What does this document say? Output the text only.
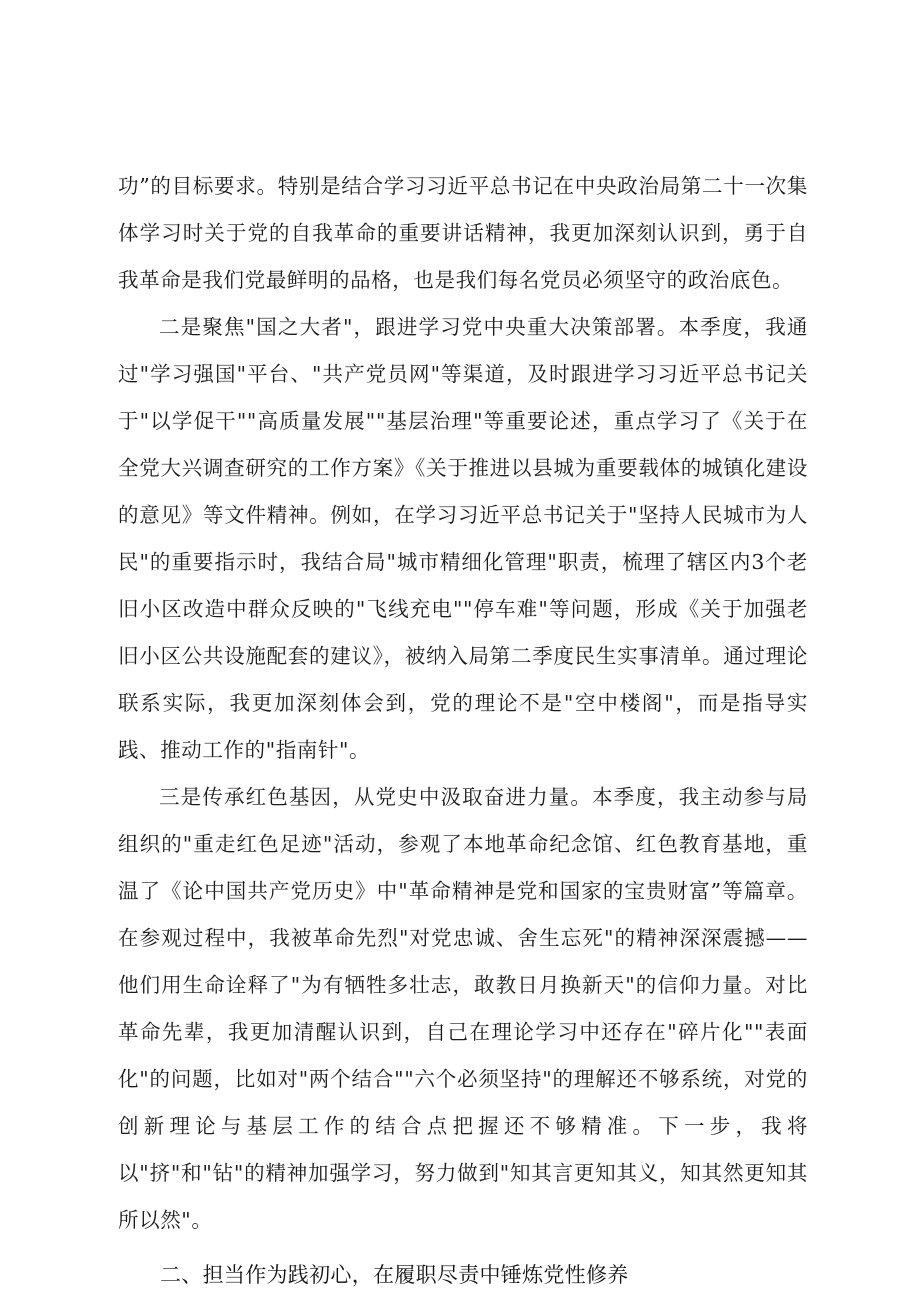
功”的目标要求。特别是结合学习习近平总书记在中央政治局第二十一次集体学习时关于党的自我革命的重要讲话精神，我更加深刻认识到，勇于自我革命是我们党最鲜明的品格，也是我们每名党员必须坚守的政治底色。

二是聚焦"国之大者"，跟进学习党中央重大决策部署。本季度，我通过"学习强国"平台、"共产党员网"等渠道，及时跟进学习习近平总书记关于"以学促干""高质量发展""基层治理"等重要论述，重点学习了《关于在全党大兴调查研究的工作方案》《关于推进以县城为重要载体的城镇化建设的意见》等文件精神。例如，在学习习近平总书记关于"坚持人民城市为人民"的重要指示时，我结合局"城市精细化管理"职责，梳理了辖区内3个老旧小区改造中群众反映的"飞线充电""停车难"等问题，形成《关于加强老旧小区公共设施配套的建议》，被纳入局第二季度民生实事清单。通过理论联系实际，我更加深刻体会到，党的理论不是"空中楼阁"，而是指导实践、推动工作的"指南针"。

三是传承红色基因，从党史中汲取奋进力量。本季度，我主动参与局组织的"重走红色足迹"活动，参观了本地革命纪念馆、红色教育基地，重温了《论中国共产党历史》中"革命精神是党和国家的宝贵财富”等篇章。在参观过程中，我被革命先烈"对党忠诚、舍生忘死"的精神深深震撼——他们用生命诠释了"为有牺牲多壮志，敢教日月换新天"的信仰力量。对比革命先辈，我更加清醒认识到，自己在理论学习中还存在"碎片化""表面化"的问题，比如对"两个结合""六个必须坚持"的理解还不够系统，对党的创新理论与基层工作的结合点把握还不够精准。下一步，我将以"挤"和"钻"的精神加强学习，努力做到"知其言更知其义，知其然更知其所以然"。

二、担当作为践初心，在履职尽责中锤炼党性修养
